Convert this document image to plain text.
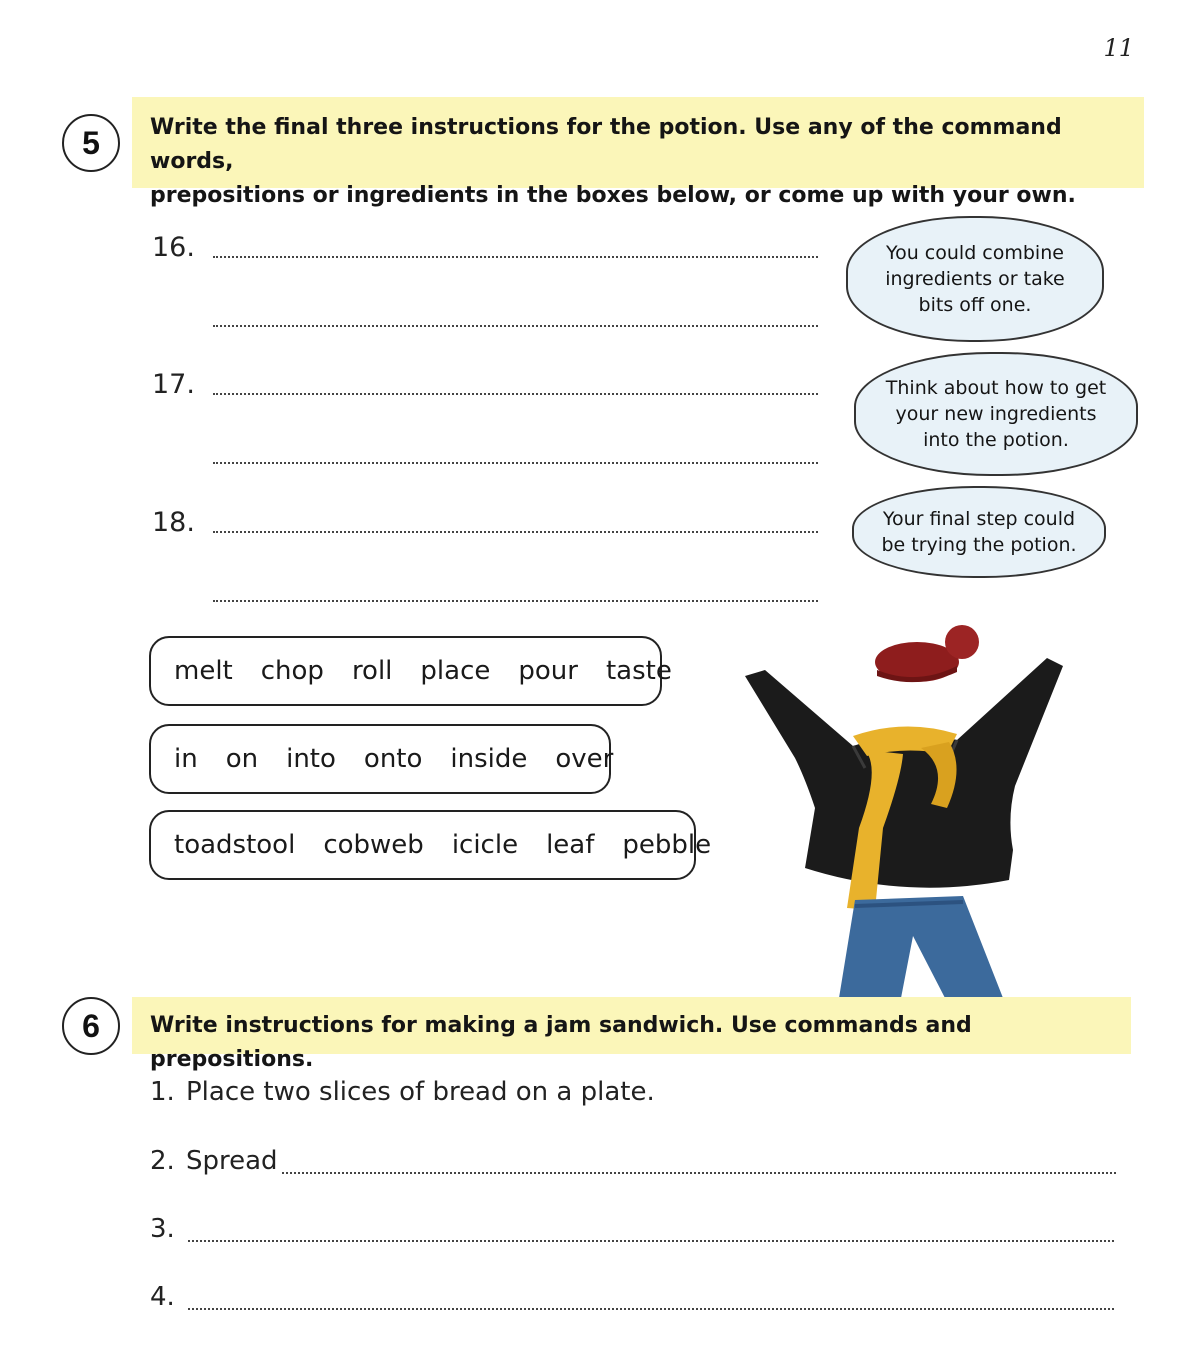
11
5	Write the final three instructions for the potion. Use any of the command words,
prepositions or ingredients in the boxes below, or come up with your own.
16.
17.
18.
You could combine
ingredients or take
bits off one.
Think about how to get
your new ingredients
into the potion.
Your final step could
be trying the potion.
melt chop roll place pour taste
in on into onto inside over
toadstool cobweb icicle leaf pebble
6	Write instructions for making a jam sandwich. Use commands and prepositions.
1. Place two slices of bread on a plate.
2. Spread
3.
4.
